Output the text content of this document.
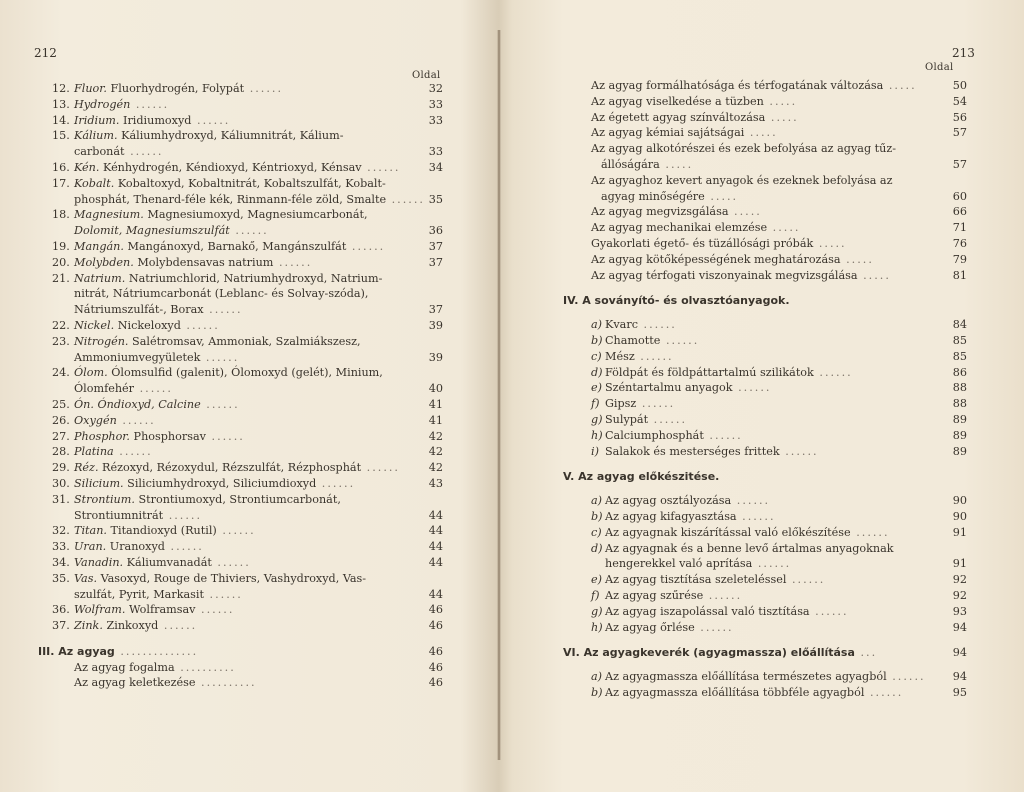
212
Oldal
12. Fluor. Fluorhydrogén, Folypát ......	32
13. Hydrogén ......	33
14. Iridium. Iridiumoxyd ......	33
15. Kálium. Káliumhydroxyd, Káliumnitrát, Kálium-
carbonát ......	33
16. Kén. Kénhydrogén, Kéndioxyd, Kéntrioxyd, Kénsav ......	34
17. Kobalt. Kobaltoxyd, Kobaltnitrát, Kobaltszulfát, Kobalt-
phosphát, Thenard-féle kék, Rinmann-féle zöld, Smalte ...... 35
18. Magnesium. Magnesiumoxyd, Magnesiumcarbonát,
Dolomit, Magnesiumszulfát ......	36
19. Mangán. Mangánoxyd, Barnakő, Mangánszulfát ......	37
20. Molybden. Molybdensavas natrium ......	37
21. Natrium. Natriumchlorid, Natriumhydroxyd, Natrium-
nitrát, Nátriumcarbonát (Leblanc- és Solvay-szóda),
Nátriumszulfát-, Borax ......	37
22. Nickel. Nickeloxyd ......	39
23. Nitrogén. Salétromsav, Ammoniak, Szalmiákszesz,
Ammoniumvegyületek ......	39
24. Ólom. Ólomsulfid (galenit), Ólomoxyd (gelét), Minium,
Ólomfehér ......	40
25. Ón. Óndioxyd, Calcine ......	41
26. Oxygén ......	41
27. Phosphor. Phosphorsav ......	42
28. Platina ......	42
29. Réz. Rézoxyd, Rézoxydul, Rézszulfát, Rézphosphát ......	42
30. Silicium. Siliciumhydroxyd, Siliciumdioxyd ......	43
31. Strontium. Strontiumoxyd, Strontiumcarbonát,
Strontiumnitrát ......	44
32. Titan. Titandioxyd (Rutil) ......	44
33. Uran. Uranoxyd ......	44
34. Vanadin. Káliumvanadát ......	44
35. Vas. Vasoxyd, Rouge de Thiviers, Vashydroxyd, Vas-
szulfát, Pyrit, Markasit ......	44
36. Wolfram. Wolframsav ......	46
37. Zink. Zinkoxyd ......	46
III. Az agyag ..............	46
Az agyag fogalma ..........	46
Az agyag keletkezése ..........	46
213
Oldal
Az agyag formálhatósága és térfogatának változása .....	50
Az agyag viselkedése a tüzben .....	54
Az égetett agyag színváltozása .....	56
Az agyag kémiai sajátságai .....	57
Az agyag alkotórészei és ezek befolyása az agyag tűz-
állóságára .....	57
Az agyaghoz kevert anyagok és ezeknek befolyása az
agyag minőségére .....	60
Az agyag megvizsgálása .....	66
Az agyag mechanikai elemzése .....	71
Gyakorlati égető- és tüzállósági próbák .....	76
Az agyag kötőképességének meghatározása .....	79
Az agyag térfogati viszonyainak megvizsgálása .....	81
IV. A soványító- és olvasztóanyagok.
a) Kvarc ......	84
b) Chamotte ......	85
c) Mész ......	85
d) Földpát és földpáttartalmú szilikátok ......	86
e) Széntartalmu anyagok ......	88
f) Gipsz ......	88
g) Sulypát ......	89
h) Calciumphosphát ......	89
i) Salakok és mesterséges frittek ......	89
V. Az agyag előkészitése.
a) Az agyag osztályozása ......	90
b) Az agyag kifagyasztása ......	90
c) Az agyagnak kiszárítással való előkészítése ......	91
d) Az agyagnak és a benne levő ártalmas anyagoknak
hengerekkel való aprítása ......	91
e) Az agyag tisztítása szeleteléssel ......	92
f) Az agyag szűrése ......	92
g) Az agyag iszapolással való tisztítása ......	93
h) Az agyag őrlése ......	94
VI. Az agyagkeverék (agyagmassza) előállítása ...	94
a) Az agyagmassza előállítása természetes agyagból ...... 94
b) Az agyagmassza előállítása többféle agyagból ......	95
